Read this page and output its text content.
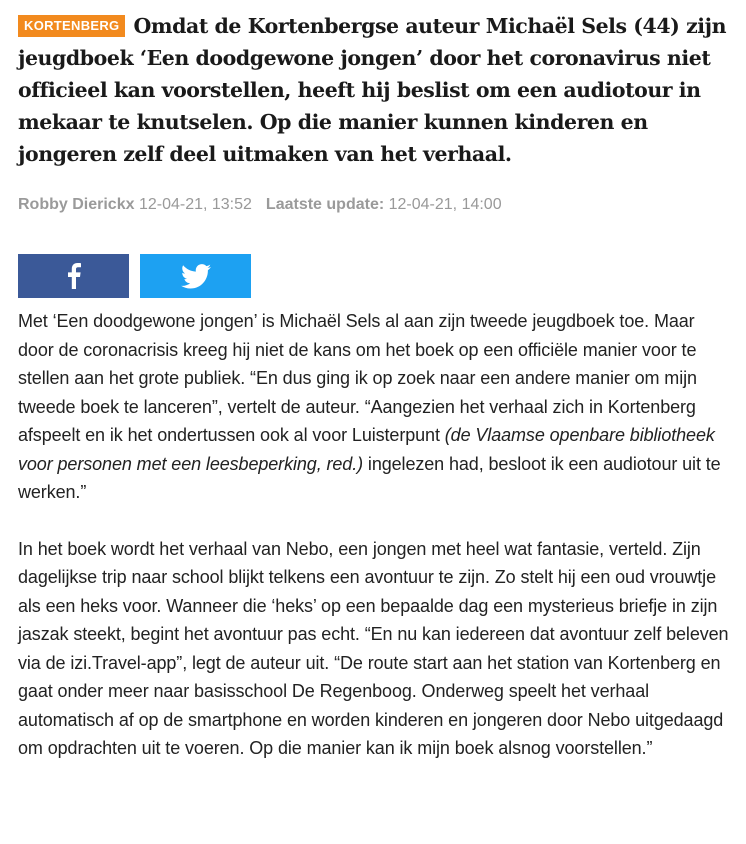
KORTENBERG Omdat de Kortenbergse auteur Michaël Sels (44) zijn jeugdboek ‘Een doodgewone jongen’ door het coronavirus niet officieel kan voorstellen, heeft hij beslist om een audiotour in mekaar te knutselen. Op die manier kunnen kinderen en jongeren zelf deel uitmaken van het verhaal.

Robby Dierickx 12-04-21, 13:52 Laatste update: 12-04-21, 14:00

Met ‘Een doodgewone jongen’ is Michaël Sels al aan zijn tweede jeugdboek toe. Maar door de coronacrisis kreeg hij niet de kans om het boek op een officiële manier voor te stellen aan het grote publiek. “En dus ging ik op zoek naar een andere manier om mijn tweede boek te lanceren”, vertelt de auteur. “Aangezien het verhaal zich in Kortenberg afspeelt en ik het ondertussen ook al voor Luisterpunt (de Vlaamse openbare bibliotheek voor personen met een leesbeperking, red.) ingelezen had, besloot ik een audiotour uit te werken.”

In het boek wordt het verhaal van Nebo, een jongen met heel wat fantasie, verteld. Zijn dagelijkse trip naar school blijkt telkens een avontuur te zijn. Zo stelt hij een oud vrouwtje als een heks voor. Wanneer die ‘heks’ op een bepaalde dag een mysterieus briefje in zijn jaszak steekt, begint het avontuur pas echt. “En nu kan iedereen dat avontuur zelf beleven via de izi.Travel-app”, legt de auteur uit. “De route start aan het station van Kortenberg en gaat onder meer naar basisschool De Regenboog. Onderweg speelt het verhaal automatisch af op de smartphone en worden kinderen en jongeren door Nebo uitgedaagd om opdrachten uit te voeren. Op die manier kan ik mijn boek alsnog voorstellen.”
